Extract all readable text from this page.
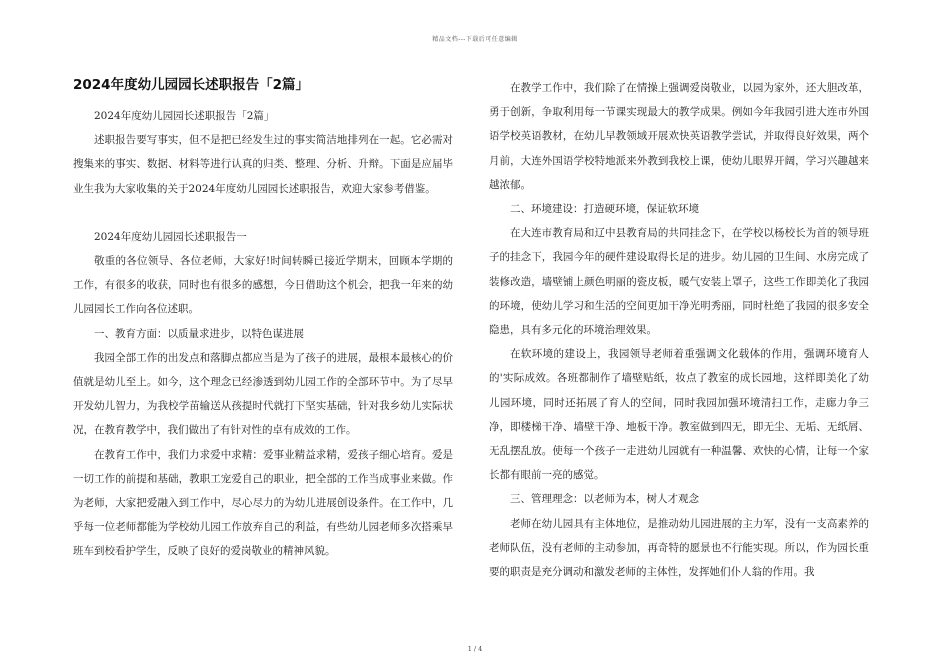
精品文档---下载后可任意编辑
2024年度幼儿园园长述职报告「2篇」

2024年度幼儿园园长述职报告「2篇」

述职报告要写事实，但不是把已经发生过的事实简洁地排列在一起。它必需对搜集来的事实、数据、材料等进行认真的归类、整理、分析、升辩。下面是应届毕业生我为大家收集的关于2024年度幼儿园园长述职报告，欢迎大家参考借鉴。

2024年度幼儿园园长述职报告一

敬重的各位领导、各位老师，大家好!时间转瞬已接近学期末，回顾本学期的工作，有很多的收获，同时也有很多的感想，今日借助这个机会，把我一年来的幼儿园园长工作向各位述职。

一、教育方面：以质量求进步，以特色谋进展

我园全部工作的出发点和落脚点都应当是为了孩子的进展，最根本最核心的价值就是幼儿至上。如今，这个理念已经渗透到幼儿园工作的全部环节中。为了尽早开发幼儿智力，为我校学苗输送从孩提时代就打下坚实基础，针对我乡幼儿实际状况，在教育教学中，我们做出了有针对性的卓有成效的工作。

在教育工作中，我们力求爱中求精：爱事业精益求精，爱孩子细心培育。爱是一切工作的前提和基础，教职工宠爱自己的职业，把全部的工作当成事业来做。作为老师，大家把爱融入到工作中，尽心尽力的为幼儿进展创设条件。在工作中，几乎每一位老师都能为学校幼儿园工作放弃自己的利益，有些幼儿园老师多次搭乘早班车到校看护学生，反映了良好的爱岗敬业的精神风貌。

在教学工作中，我们除了在情操上强调爱岗敬业，以园为家外，还大胆改革，勇于创新，争取利用每一节课实现最大的教学成果。例如今年我园引进大连市外国语学校英语教材，在幼儿早教领域开展欢快英语教学尝试，并取得良好效果，两个月前，大连外国语学校特地派来外教到我校上课，使幼儿眼界开阔，学习兴趣越来越浓郁。

二、环境建设：打造硬环境，保证软环境

在大连市教育局和辽中县教育局的共同挂念下，在学校以杨校长为首的领导班子的挂念下，我园今年的硬件建设取得长足的进步。幼儿园的卫生间、水房完成了装修改造，墙壁铺上颜色明丽的瓷皮板，暖气安装上罩子，这些工作即美化了我园的环境，使幼儿学习和生活的空间更加干净光明秀丽，同时杜绝了我园的很多安全隐患，具有多元化的环境治理效果。

在软环境的建设上，我园领导老师着重强调文化载体的作用，强调环境育人的'实际成效。各班都制作了墙壁贴纸，妆点了教室的成长园地，这样即美化了幼儿园环境，同时还拓展了育人的空间，同时我园加强环境清扫工作，走廊力争三净，即楼梯干净、墙壁干净、地板干净。教室做到四无，即无尘、无垢、无纸屑、无乱摆乱放。使每一个孩子一走进幼儿园就有一种温馨、欢快的心情，让每一个家长都有眼前一亮的感觉。

三、管理理念：以老师为本，树人才观念

老师在幼儿园具有主体地位，是推动幼儿园进展的主力军，没有一支高素养的老师队伍，没有老师的主动参加，再奇特的愿景也不行能实现。所以，作为园长重要的职责是充分调动和激发老师的主体性，发挥她们仆人翁的作用。我

1 / 4
